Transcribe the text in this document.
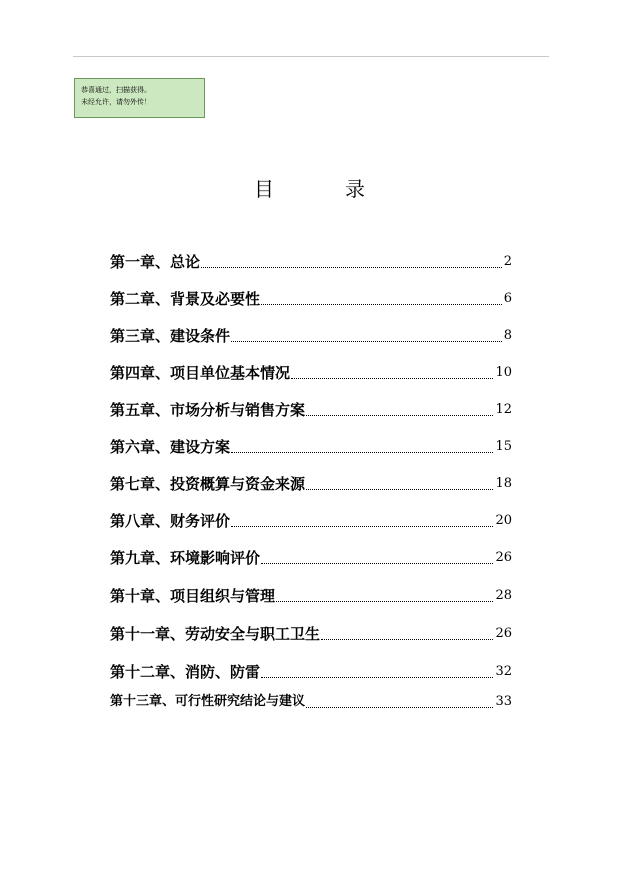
恭喜通过，扫描获得。
未经允许，请勿外传！
目	录
第一章、总论	2
第二章、背景及必要性	6
第三章、建设条件	8
第四章、项目单位基本情况	10
第五章、市场分析与销售方案	12
第六章、建设方案	15
第七章、投资概算与资金来源	18
第八章、财务评价	20
第九章、环境影响评价	26
第十章、项目组织与管理	28
第十一章、劳动安全与职工卫生	26
第十二章、消防、防雷	32
第十三章、可行性研究结论与建议	33
